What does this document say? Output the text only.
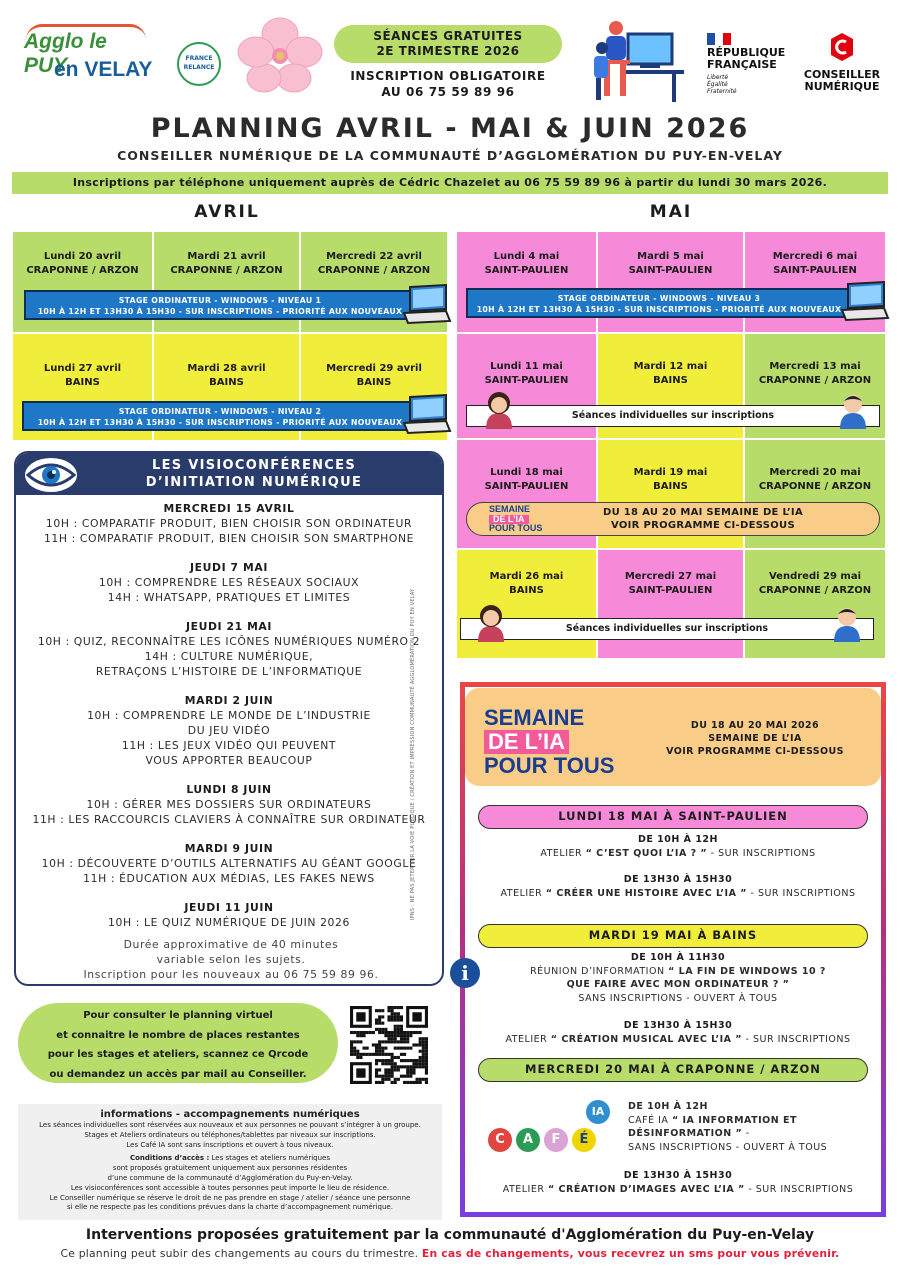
Agglo le PUY
en VELAY	FRANCE RELANCE
SÉANCES GRATUITES
2E TRIMESTRE 2026
INSCRIPTION OBLIGATOIRE
AU 06 75 59 89 96
RÉPUBLIQUE
FRANÇAISE
Liberté
Égalité
Fraternité
CONSEILLER
NUMÉRIQUE
PLANNING AVRIL - MAI & JUIN 2026
CONSEILLER NUMÉRIQUE DE LA COMMUNAUTÉ D’AGGLOMÉRATION DU PUY-EN-VELAY
Inscriptions par téléphone uniquement auprès de Cédric Chazelet au 06 75 59 89 96 à partir du lundi 30 mars 2026.
AVRIL	MAI
Lundi 20 avril
CRAPONNE / ARZON
Mardi 21 avril
CRAPONNE / ARZON
Mercredi 22 avril
CRAPONNE / ARZON
STAGE ORDINATEUR - WINDOWS - NIVEAU 1
10H À 12H ET 13H30 À 15H30 - SUR INSCRIPTIONS - PRIORITÉ AUX NOUVEAUX
Lundi 27 avril
BAINS
Mardi 28 avril
BAINS
Mercredi 29 avril
BAINS
STAGE ORDINATEUR - WINDOWS - NIVEAU 2
10H À 12H ET 13H30 À 15H30 - SUR INSCRIPTIONS - PRIORITÉ AUX NOUVEAUX
Lundi 4 mai
SAINT-PAULIEN
Mardi 5 mai
SAINT-PAULIEN
Mercredi 6 mai
SAINT-PAULIEN
STAGE ORDINATEUR - WINDOWS - NIVEAU 3
10H À 12H ET 13H30 À 15H30 - SUR INSCRIPTIONS - PRIORITÉ AUX NOUVEAUX
Lundi 11 mai
SAINT-PAULIEN
Mardi 12 mai
BAINS
Mercredi 13 mai
CRAPONNE / ARZON
Séances individuelles sur inscriptions
Lundi 18 mai
SAINT-PAULIEN
Mardi 19 mai
BAINS
Mercredi 20 mai
CRAPONNE / ARZON
DU 18 AU 20 MAI SEMAINE DE L’IA
VOIR PROGRAMME CI-DESSOUS
SEMAINE
DE L’IA
POUR TOUS
Mardi 26 mai
BAINS
Mercredi 27 mai
SAINT-PAULIEN
Vendredi 29 mai
CRAPONNE / ARZON
Séances individuelles sur inscriptions
LES VISIOCONFÉRENCES
D’INITIATION NUMÉRIQUE
MERCREDI 15 AVRIL
10H : COMPARATIF PRODUIT, BIEN CHOISIR SON ORDINATEUR
11H : COMPARATIF PRODUIT, BIEN CHOISIR SON SMARTPHONE
JEUDI 7 MAI
10H : COMPRENDRE LES RÉSEAUX SOCIAUX
14H : WHATSAPP, PRATIQUES ET LIMITES
JEUDI 21 MAI
10H : QUIZ, RECONNAÎTRE LES ICÔNES NUMÉRIQUES NUMÉRO 2
14H : CULTURE NUMÉRIQUE,
RETRAÇONS L’HISTOIRE DE L’INFORMATIQUE
MARDI 2 JUIN
10H : COMPRENDRE LE MONDE DE L’INDUSTRIE
DU JEU VIDÉO
11H : LES JEUX VIDÉO QUI PEUVENT
VOUS APPORTER BEAUCOUP
LUNDI 8 JUIN
10H : GÉRER MES DOSSIERS SUR ORDINATEURS
11H : LES RACCOURCIS CLAVIERS À CONNAÎTRE SUR ORDINATEUR
MARDI 9 JUIN
10H : DÉCOUVERTE D’OUTILS ALTERNATIFS AU GÉANT GOOGLE
11H : ÉDUCATION AUX MÉDIAS, LES FAKES NEWS
JEUDI 11 JUIN
10H : LE QUIZ NUMÉRIQUE DE JUIN 2026
Durée approximative de 40 minutes
variable selon les sujets.
Inscription pour les nouveaux au 06 75 59 89 96.
IPNS : NE PAS JETER SUR LA VOIE PUBLIQUE / CRÉATION ET IMPRESSION COMMUNAUTÉ AGGLOMÉRATION DU PUY EN VELAY
Pour consulter le planning virtuel
et connaitre le nombre de places restantes
pour les stages et ateliers, scannez ce Qrcode
ou demandez un accès par mail au Conseiller.
informations - accompagnements numériques
Les séances individuelles sont réservées aux nouveaux et aux personnes ne pouvant s’intégrer à un groupe.
Stages et Ateliers ordinateurs ou téléphones/tablettes par niveaux sur inscriptions.
Les Café IA sont sans inscriptions et ouvert à tous niveaux.
Conditions d’accès : Les stages et ateliers numériques
sont proposés gratuitement uniquement aux personnes résidentes
d’une commune de la communauté d’Agglomération du Puy-en-Velay.
Les visioconférences sont accessible à toutes personnes peut importe le lieu de résidence.
Le Conseiller numérique se réserve le droit de ne pas prendre en stage / atelier / séance une personne
si elle ne respecte pas les conditions prévues dans la charte d’accompagnement numérique.
SEMAINE
DE L’IA
POUR TOUS
DU 18 AU 20 MAI 2026
SEMAINE DE L’IA
VOIR PROGRAMME CI-DESSOUS
LUNDI 18 MAI À SAINT-PAULIEN
DE 10H À 12H
ATELIER “ C’EST QUOI L’IA ? ” - SUR INSCRIPTIONS
DE 13H30 À 15H30
ATELIER “ CRÉER UNE HISTOIRE AVEC L’IA ” - SUR INSCRIPTIONS
MARDI 19 MAI À BAINS
i
DE 10H À 11H30
RÉUNION D’INFORMATION “ LA FIN DE WINDOWS 10 ?
QUE FAIRE AVEC MON ORDINATEUR ? ”
SANS INSCRIPTIONS - OUVERT À TOUS
DE 13H30 À 15H30
ATELIER “ CRÉATION MUSICAL AVEC L’IA ” - SUR INSCRIPTIONS
MERCREDI 20 MAI À CRAPONNE / ARZON
C	A	F	É
IA	DE 10H À 12H
CAFÉ IA “ IA INFORMATION ET
DÉSINFORMATION ” -
SANS INSCRIPTIONS - OUVERT À TOUS
DE 13H30 À 15H30
ATELIER “ CRÉATION D’IMAGES AVEC L’IA ” - SUR INSCRIPTIONS
Interventions proposées gratuitement par la communauté d'Agglomération du Puy-en-Velay
Ce planning peut subir des changements au cours du trimestre. En cas de changements, vous recevrez un sms pour vous prévenir.
